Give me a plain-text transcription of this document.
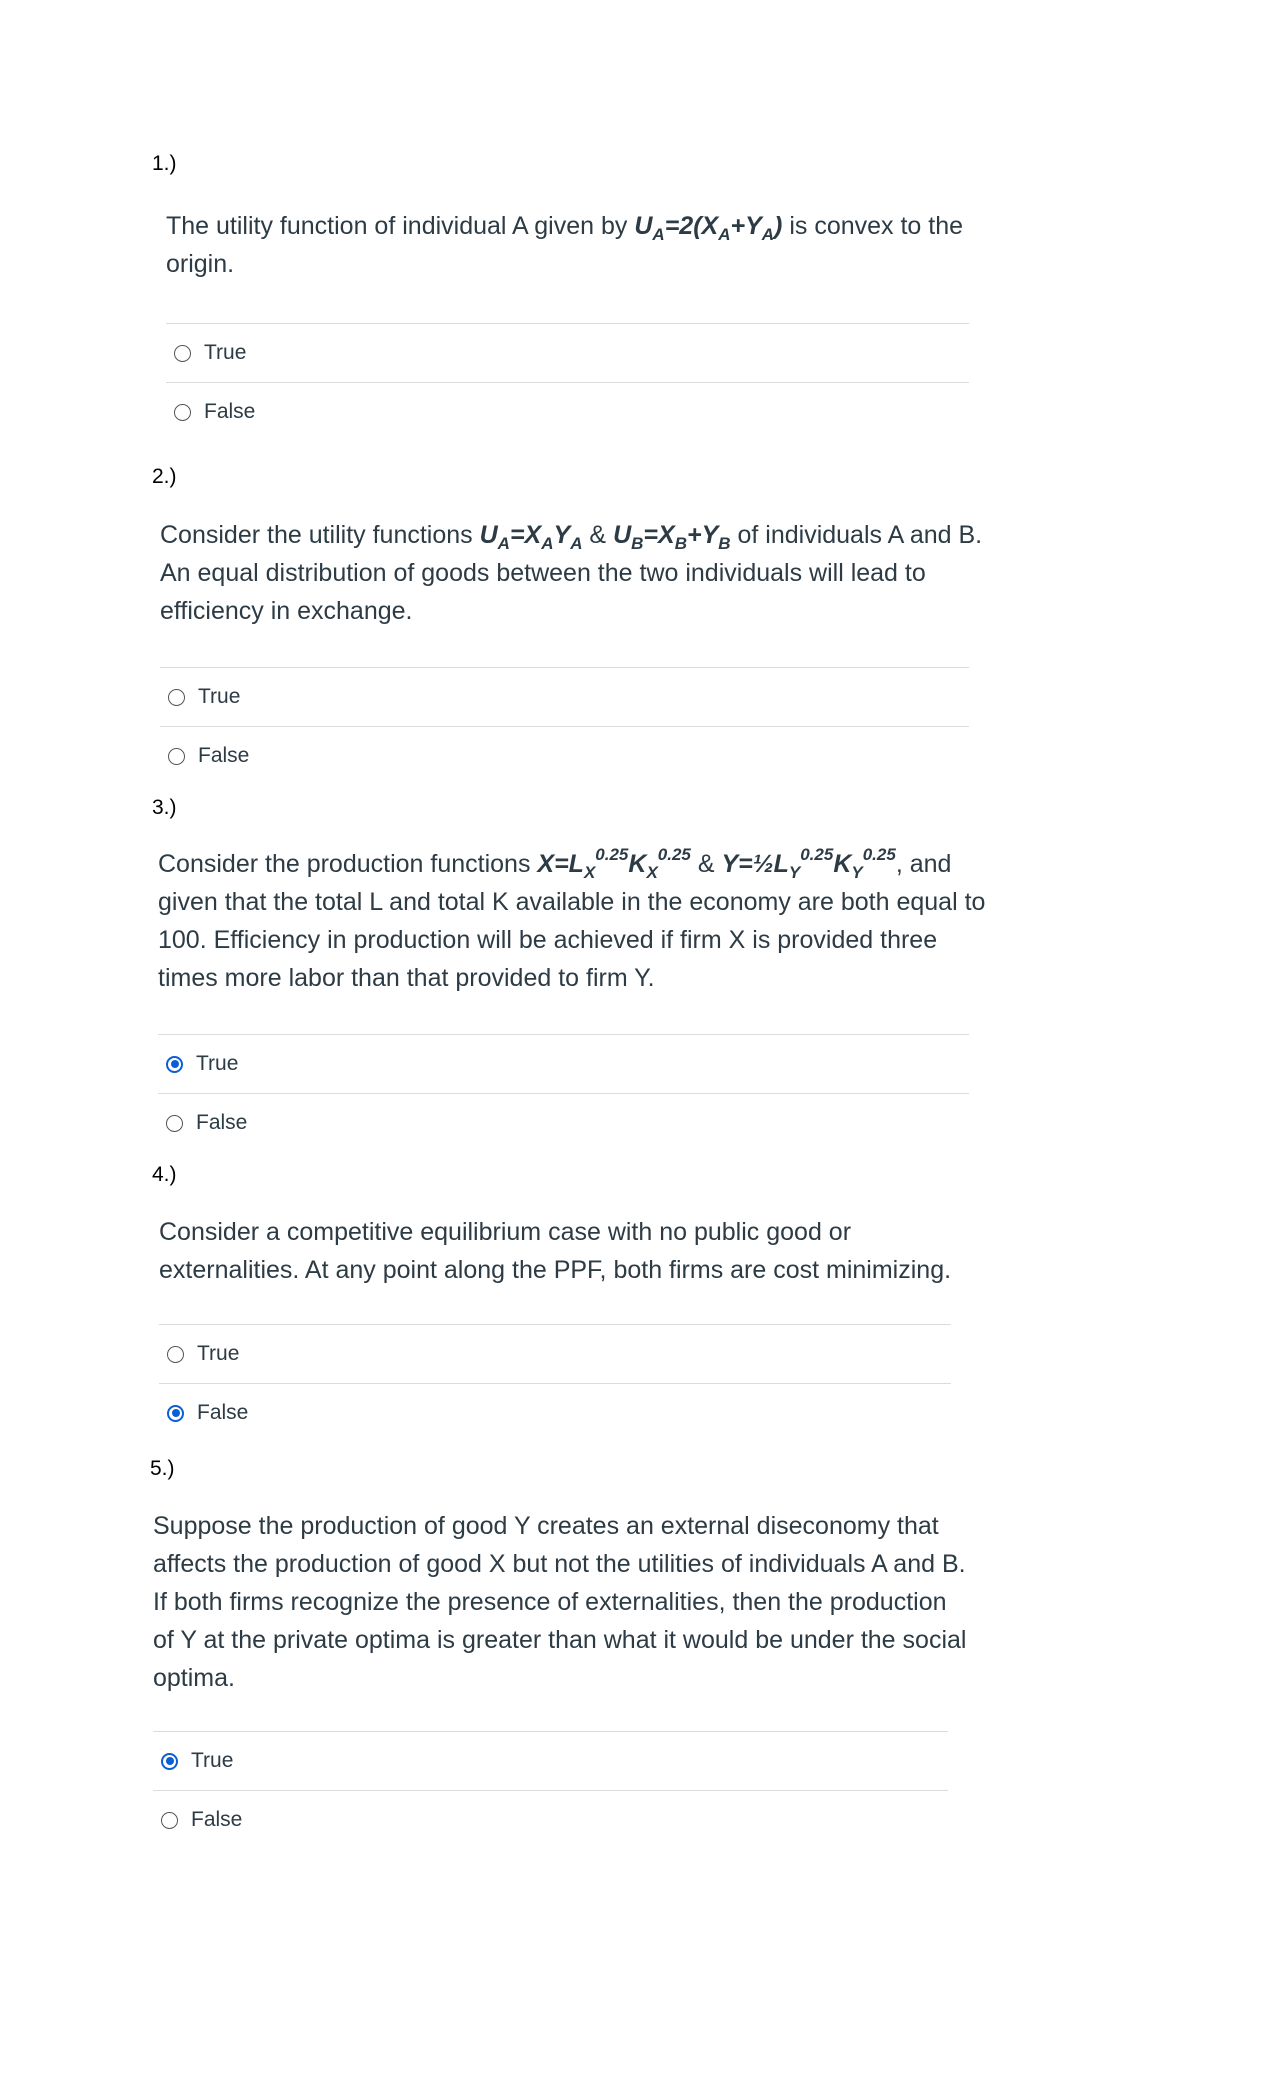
1.)
The utility function of individual A given by $U_A=2(X_A+Y_A)$ is convex to the origin.
True
False
2.)
Consider the utility functions $U_A=X_AY_A$ & $U_B=X_B+Y_B$ of individuals A and B. An equal distribution of goods between the two individuals will lead to efficiency in exchange.
True
False
3.)
Consider the production functions $X=L_X^{0.25}K_X^{0.25}$ & $Y=\frac{1}{2}L_Y^{0.25}K_Y^{0.25}$, and given that the total L and total K available in the economy are both equal to 100. Efficiency in production will be achieved if firm X is provided three times more labor than that provided to firm Y.
True
False
4.)
Consider a competitive equilibrium case with no public good or externalities. At any point along the PPF, both firms are cost minimizing.
True
False
5.)
Suppose the production of good Y creates an external diseconomy that affects the production of good X but not the utilities of individuals A and B. If both firms recognize the presence of externalities, then the production of Y at the private optima is greater than what it would be under the social optima.
True
False
